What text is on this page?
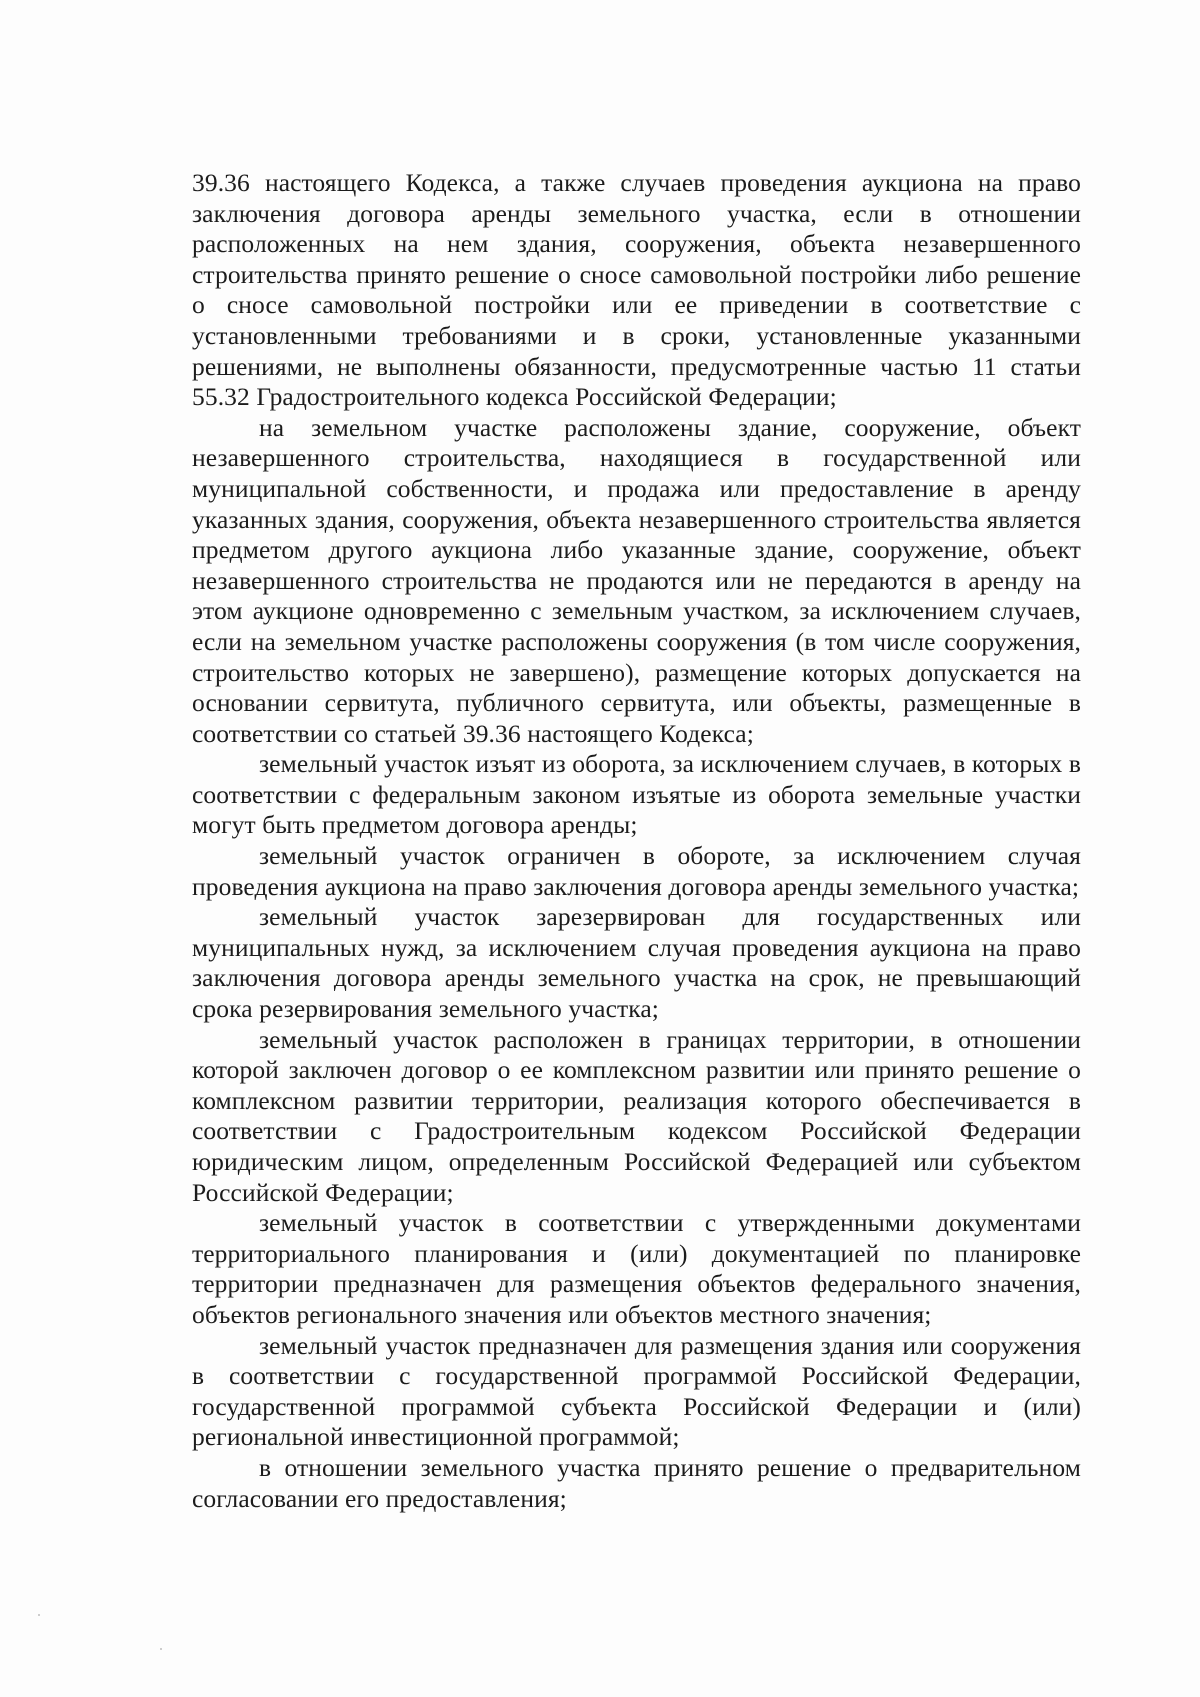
39.36 настоящего Кодекса, а также случаев проведения аукциона на право заключения договора аренды земельного участка, если в отношении расположенных на нем здания, сооружения, объекта незавершенного строительства принято решение о сносе самовольной постройки либо решение о сносе самовольной постройки или ее приведении в соответствие с установленными требованиями и в сроки, установленные указанными решениями, не выполнены обязанности, предусмотренные частью 11 статьи 55.32 Градостроительного кодекса Российской Федерации;

на земельном участке расположены здание, сооружение, объект незавершенного строительства, находящиеся в государственной или муниципальной собственности, и продажа или предоставление в аренду указанных здания, сооружения, объекта незавершенного строительства является предметом другого аукциона либо указанные здание, сооружение, объект незавершенного строительства не продаются или не передаются в аренду на этом аукционе одновременно с земельным участком, за исключением случаев, если на земельном участке расположены сооружения (в том числе сооружения, строительство которых не завершено), размещение которых допускается на основании сервитута, публичного сервитута, или объекты, размещенные в соответствии со статьей 39.36 настоящего Кодекса;

земельный участок изъят из оборота, за исключением случаев, в которых в соответствии с федеральным законом изъятые из оборота земельные участки могут быть предметом договора аренды;

земельный участок ограничен в обороте, за исключением случая проведения аукциона на право заключения договора аренды земельного участка;

земельный участок зарезервирован для государственных или муниципальных нужд, за исключением случая проведения аукциона на право заключения договора аренды земельного участка на срок, не превышающий срока резервирования земельного участка;

земельный участок расположен в границах территории, в отношении которой заключен договор о ее комплексном развитии или принято решение о комплексном развитии территории, реализация которого обеспечивается в соответствии с Градостроительным кодексом Российской Федерации юридическим лицом, определенным Российской Федерацией или субъектом Российской Федерации;

земельный участок в соответствии с утвержденными документами территориального планирования и (или) документацией по планировке территории предназначен для размещения объектов федерального значения, объектов регионального значения или объектов местного значения;

земельный участок предназначен для размещения здания или сооружения в соответствии с государственной программой Российской Федерации, государственной программой субъекта Российской Федерации и (или) региональной инвестиционной программой;

в отношении земельного участка принято решение о предварительном согласовании его предоставления;
